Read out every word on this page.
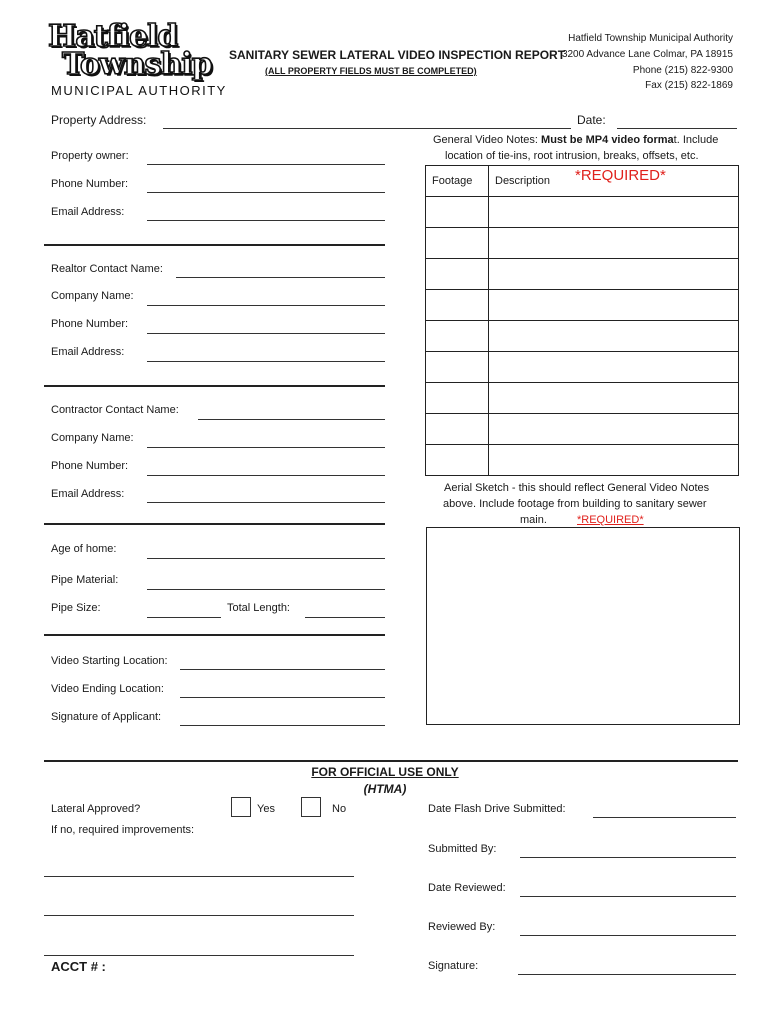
Hatfield
Township
MUNICIPAL AUTHORITY
SANITARY SEWER LATERAL VIDEO INSPECTION REPORT
(ALL PROPERTY FIELDS MUST BE COMPLETED)
Hatfield Township Municipal Authority
3200 Advance Lane Colmar, PA 18915
Phone (215) 822-9300
Fax (215) 822-1869
Property Address:	Date:
Property owner:
Phone Number:
Email Address:
Realtor Contact Name:
Company Name:
Phone Number:
Email Address:
Contractor Contact Name:
Company Name:
Phone Number:
Email Address:
Age of home:
Pipe Material:
Pipe Size:	Total Length:
Video Starting Location:
Video Ending Location:
Signature of Applicant:
General Video Notes: Must be MP4 video format. Include
location of tie-ins, root intrusion, breaks, offsets, etc.
Footage	Description *REQUIRED*

Aerial Sketch - this should reflect General Video Notes
above. Include footage from building to sanitary sewer
main.	*REQUIRED*
FOR OFFICIAL USE ONLY
(HTMA)
Lateral Approved?	Yes	No
If no, required improvements:
ACCT # :
Date Flash Drive Submitted:
Submitted By:
Date Reviewed:
Reviewed By:
Signature:
